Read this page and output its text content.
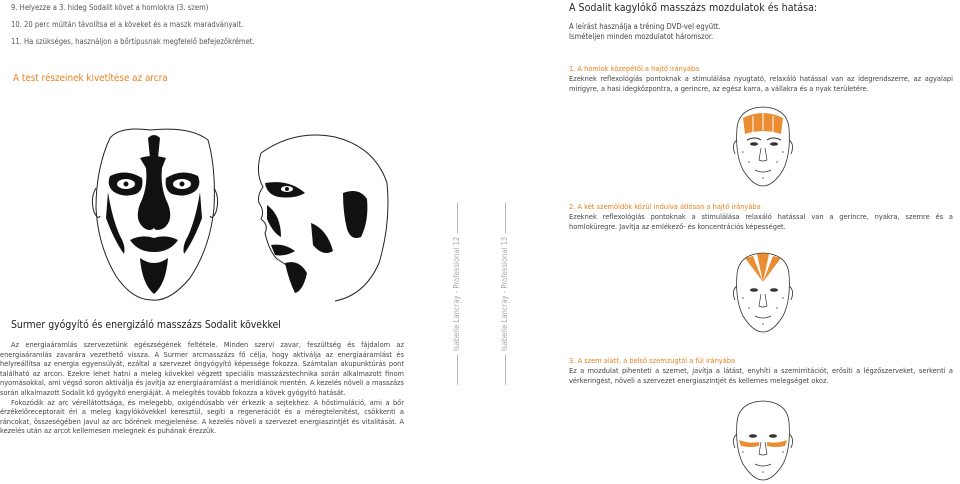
9. Helyezze a 3. hideg Sodalit követ a homlokra (3. szem)
10. 20 perc múltán távolítsa el a köveket és a maszk maradványait.
11. Ha szükséges, használjon a bőrtípusnak megfelelő befejezőkrémet.
A test részeinek kivetítése az arcra
Surmer gyógyító és energizáló masszázs Sodalit kövekkel

Az energiaáramlás szervezetünk egészségének feltétele. Minden szervi zavar, feszültség és fájdalom az energiaáramlás zavarára vezethető vissza. A Surmer arcmasszázs fő célja, hogy aktiválja az energiaáramlást és helyreállítsa az energia egyensúlyát, ezáltal a szervezet öngyógyító képessége fokozza. Számtalan akupunktúrás pont található az arcon. Ezekre lehet hatni a meleg kövekkel végzett speciális masszázstechnika során alkalmazott finom nyomásokkal, ami végső soron aktiválja és javítja az energiaáramlást a meridiánok mentén. A kezelés növeli a masszázs során alkalmazott Sodalit kő gyógyító energiáját. A melegítés tovább fokozza a kövek gyógyító hatását.

Fokozódik az arc vérellátottsága, és melegebb, oxigéndúsabb vér érkezik a sejtekhez. A hőstimuláció, ami a bőr érzékelőreceptorait éri a meleg kagylókövekkel keresztül, segíti a regenerációt és a méregtelenítést, csökkenti a ráncokat, összeségében javul az arc bőrének megjelenése. A kezelés növeli a szervezet energiaszintjét és vitalitását. A kezelés után az arcot kellemesen melegnek és puhának érezzük.

Isabelle Lancray - Professional 12	Isabelle Lancray - Professional 13
A Sodalit kagylókő masszázs mozdulatok és hatása:
A leírást használja a tréning DVD-vel együtt.
Ismételjen minden mozdulatot háromszor.
1. A homlok közepétől a hajtő irányába
Ezeknek reflexológiás pontoknak a stimulálása nyugtató, relaxáló hatással van az idegrendszerre, az agyalapi mirigyre, a hasi idegközpontra, a gerincre, az egész karra, a vállakra és a nyak területére.
2. A két szemöldök közül indulva átlósan a hajtő irányába
Ezeknek reflexológiás pontoknak a stimulálása relaxáló hatással van a gerincre, nyakra, szemre és a homloküregre. Javítja az emlékező- és koncentrációs képességet.
3. A szem alatt, a belső szemzugtól a fül irányába
Ez a mozdulat pihenteti a szemet, javítja a látást, enyhíti a szemirritációt, erősíti a légzőszerveket, serkenti a vérkeringést, növeli a szervezet energiaszintjét és kellemes melegséget okoz.
